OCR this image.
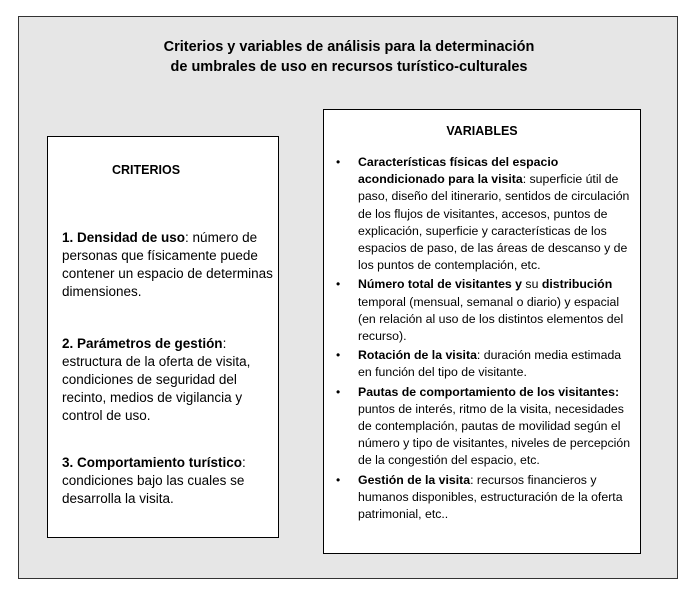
Criterios y variables de análisis para la determinación
de umbrales de uso en recursos turístico-culturales
CRITERIOS
1. Densidad de uso: número de personas que físicamente puede contener un espacio de determinas dimensiones.
2. Parámetros de gestión: estructura de la oferta de visita, condiciones de seguridad del recinto, medios de vigilancia y control de uso.
3. Comportamiento turístico: condiciones bajo las cuales se desarrolla la visita.
VARIABLES
• Características físicas del espacio acondicionado para la visita: superficie útil de paso, diseño del itinerario, sentidos de circulación de los flujos de visitantes, accesos, puntos de explicación, superficie y características de los espacios de paso, de las áreas de descanso y de los puntos de contemplación, etc.
• Número total de visitantes y su distribución temporal (mensual, semanal o diario) y espacial (en relación al uso de los distintos elementos del recurso).
• Rotación de la visita: duración media estimada en función del tipo de visitante.
• Pautas de comportamiento de los visitantes: puntos de interés, ritmo de la visita, necesidades de contemplación, pautas de movilidad según el número y tipo de visitantes, niveles de percepción de la congestión del espacio, etc.
• Gestión de la visita: recursos financieros y humanos disponibles, estructuración de la oferta patrimonial, etc..
